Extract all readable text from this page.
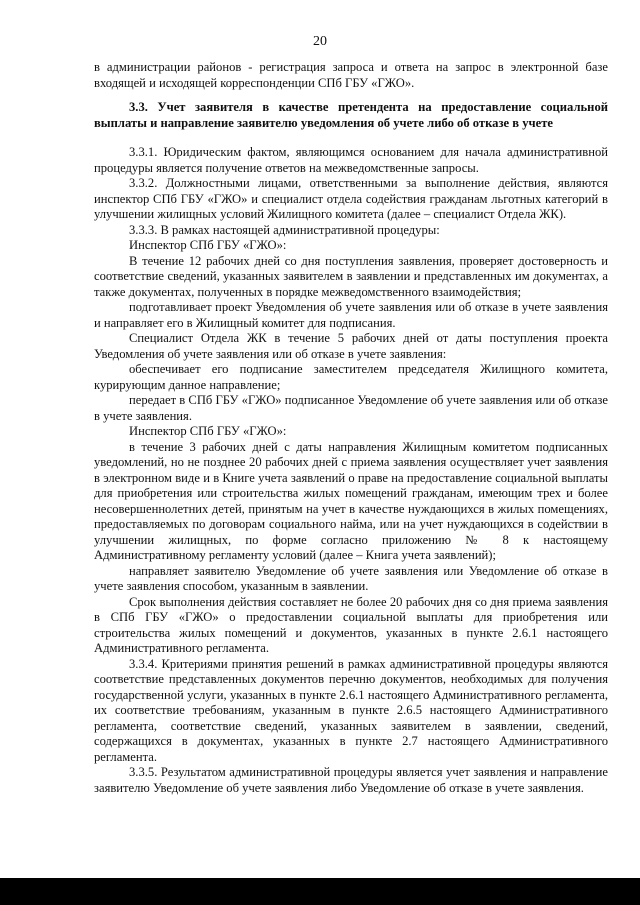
20

в администрации районов - регистрация запроса и ответа на запрос в электронной базе входящей и исходящей корреспонденции СПб ГБУ «ГЖО».

3.3. Учет заявителя в качестве претендента на предоставление социальной выплаты и направление заявителю уведомления об учете либо об отказе в учете

3.3.1. Юридическим фактом, являющимся основанием для начала административной процедуры является получение ответов на межведомственные запросы.

3.3.2. Должностными лицами, ответственными за выполнение действия, являются инспектор СПб ГБУ «ГЖО» и специалист отдела содействия гражданам льготных категорий в улучшении жилищных условий Жилищного комитета (далее – специалист Отдела ЖК).

3.3.3. В рамках настоящей административной процедуры:

Инспектор СПб ГБУ «ГЖО»:

В течение 12 рабочих дней со дня поступления заявления, проверяет достоверность и соответствие сведений, указанных заявителем в заявлении и представленных им документах, а также документах, полученных в порядке межведомственного взаимодействия;

подготавливает проект Уведомления об учете заявления или об отказе в учете заявления и направляет его в Жилищный комитет для подписания.

Специалист Отдела ЖК в течение 5 рабочих дней от даты поступления проекта Уведомления об учете заявления или об отказе в учете заявления:

обеспечивает его подписание заместителем председателя Жилищного комитета, курирующим данное направление;

передает в СПб ГБУ «ГЖО» подписанное Уведомление об учете заявления или об отказе в учете заявления.

Инспектор СПб ГБУ «ГЖО»:

в течение 3 рабочих дней с даты направления Жилищным комитетом подписанных уведомлений, но не позднее 20 рабочих дней с приема заявления осуществляет учет заявления в электронном виде и в Книге учета заявлений о праве на предоставление социальной выплаты для приобретения или строительства жилых помещений гражданам, имеющим трех и более несовершеннолетних детей, принятым на учет в качестве нуждающихся в жилых помещениях, предоставляемых по договорам социального найма, или на учет нуждающихся в содействии в улучшении жилищных, по форме согласно приложению № 8 к настоящему Административному регламенту условий (далее – Книга учета заявлений);

направляет заявителю Уведомление об учете заявления или Уведомление об отказе в учете заявления способом, указанным в заявлении.

Срок выполнения действия составляет не более 20 рабочих дня со дня приема заявления в СПб ГБУ «ГЖО» о предоставлении социальной выплаты для приобретения или строительства жилых помещений и документов, указанных в пункте 2.6.1 настоящего Административного регламента.

3.3.4. Критериями принятия решений в рамках административной процедуры являются соответствие представленных документов перечню документов, необходимых для получения государственной услуги, указанных в пункте 2.6.1 настоящего Административного регламента, их соответствие требованиям, указанным в пункте 2.6.5 настоящего Административного регламента, соответствие сведений, указанных заявителем в заявлении, сведений, содержащихся в документах, указанных в пункте 2.7 настоящего Административного регламента.

3.3.5. Результатом административной процедуры является учет заявления и направление заявителю Уведомление об учете заявления либо Уведомление об отказе в учете заявления.
